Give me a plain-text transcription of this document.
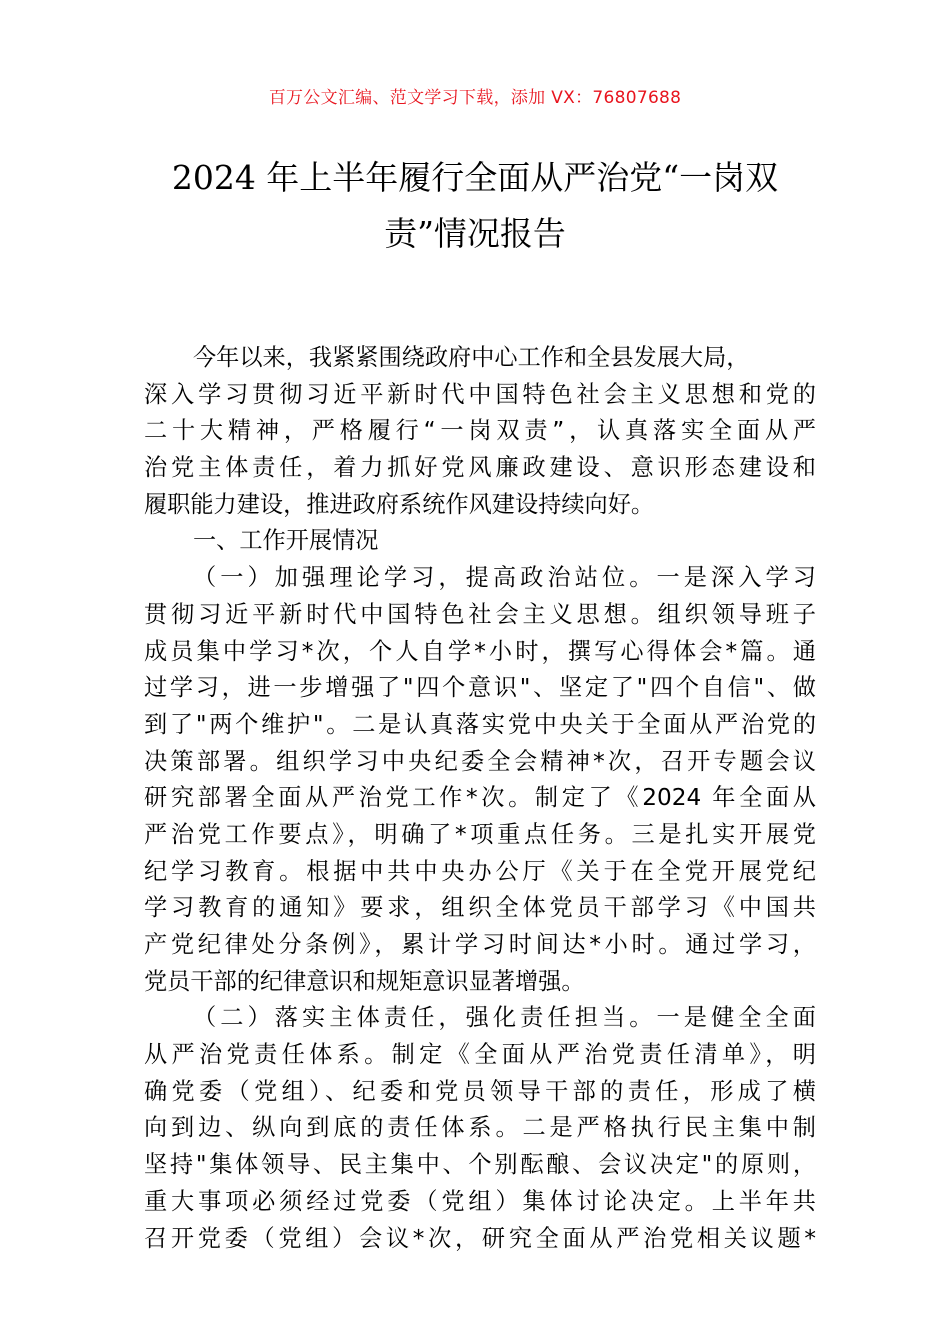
百万公文汇编、范文学习下载，添加 VX：76807688
2024 年上半年履行全面从严治党“一岗双
责”情况报告
今年以来，我紧紧围绕政府中心工作和全县发展大局，
深入学习贯彻习近平新时代中国特色社会主义思想和党的
二十大精神，严格履行“一岗双责”，认真落实全面从严
治党主体责任，着力抓好党风廉政建设、意识形态建设和
履职能力建设，推进政府系统作风建设持续向好。
一、工作开展情况
（一）加强理论学习，提高政治站位。一是深入学习
贯彻习近平新时代中国特色社会主义思想。组织领导班子
成员集中学习*次，个人自学*小时，撰写心得体会*篇。通
过学习，进一步增强了"四个意识"、坚定了"四个自信"、做
到了"两个维护"。二是认真落实党中央关于全面从严治党的
决策部署。组织学习中央纪委全会精神*次，召开专题会议
研究部署全面从严治党工作*次。制定了《2024 年全面从
严治党工作要点》，明确了*项重点任务。三是扎实开展党
纪学习教育。根据中共中央办公厅《关于在全党开展党纪
学习教育的通知》要求，组织全体党员干部学习《中国共
产党纪律处分条例》，累计学习时间达*小时。通过学习，
党员干部的纪律意识和规矩意识显著增强。
（二）落实主体责任，强化责任担当。一是健全全面
从严治党责任体系。制定《全面从严治党责任清单》，明
确党委（党组）、纪委和党员领导干部的责任，形成了横
向到边、纵向到底的责任体系。二是严格执行民主集中制
坚持"集体领导、民主集中、个别酝酿、会议决定"的原则，
重大事项必须经过党委（党组）集体讨论决定。上半年共
召开党委（党组）会议*次，研究全面从严治党相关议题*
